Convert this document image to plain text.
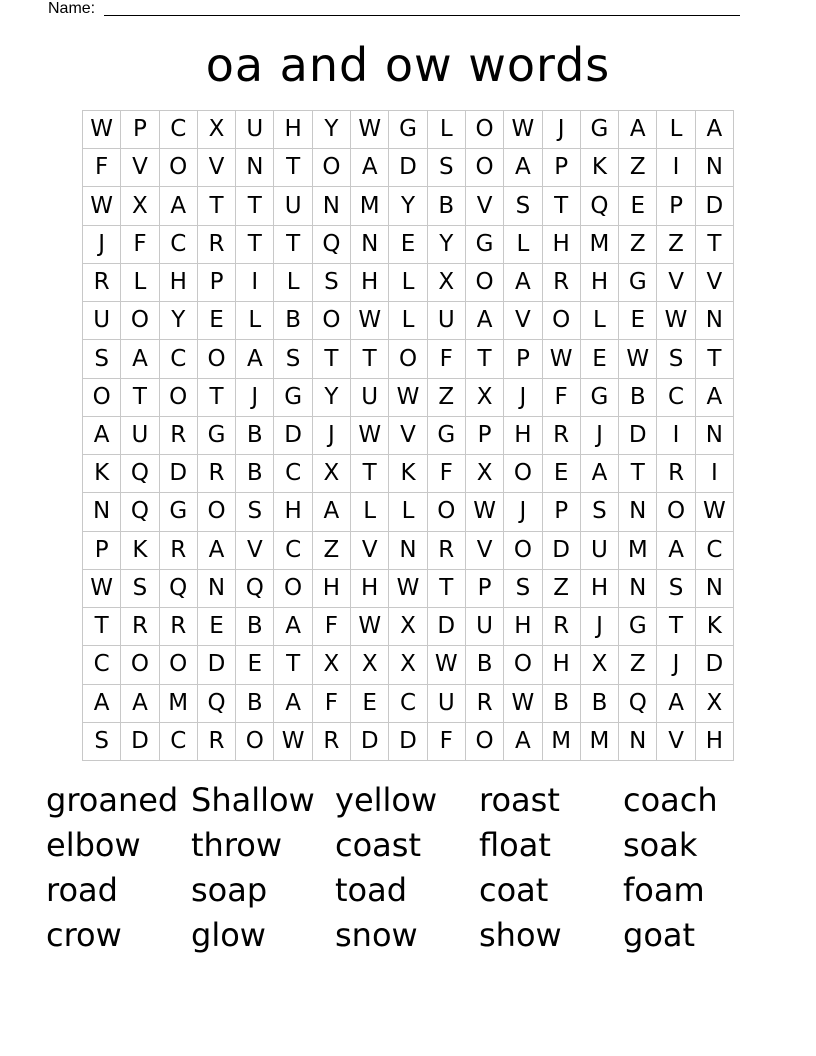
Name:
oa and ow words
W P	C X U H Y W G L O W	J	G A	L	A
F	V O V N T O A D S O A	P	K Z	I	N
W X A	T	T U N M Y	B V	S	T Q E	P D
J	F	C R	T	T Q N E	Y G L	H M Z Z	T
R	L	H P	I	L	S H	L	X O A R H G V V
U O Y	E	L	B O W L	U A V O L	E W N
S	A C O A	S	T	T O F	T	P W E W S	T
O T O T	J	G Y U W Z X	J	F G B C A
A U R G B D	J	W V G P H R	J	D	I	N
K Q D R B C X	T	K	F	X O E	A	T	R	I
N Q G O S H A	L	L O W	J	P	S N O W
P	K R A V C Z V N R V O D U M A C
W S Q N Q O H H W T	P	S	Z H N S N
T	R R	E	B A	F W X D U H R	J	G T	K
C O O D E	T	X X X W B O H X Z	J	D
A A M Q B A	F	E C U R W B B Q A X
S D C R O W R D D F O A M M N V H
groaned Shallow yellow	roast	coach
elbow	throw	coast	float	soak
road	soap	toad	coat	foam
crow	glow	snow	show	goat
